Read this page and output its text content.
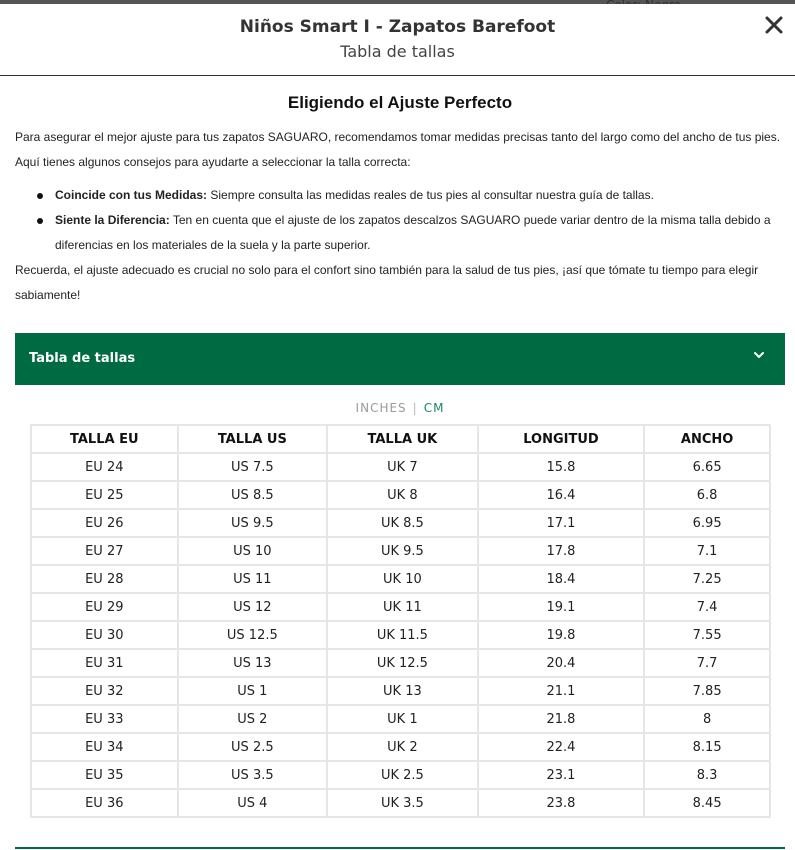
Niños Smart I - Zapatos Barefoot
Tabla de tallas
Eligiendo el Ajuste Perfecto

Para asegurar el mejor ajuste para tus zapatos SAGUARO, recomendamos tomar medidas precisas tanto del largo como del ancho de tus pies. Aquí tienes algunos consejos para ayudarte a seleccionar la talla correcta:

Coincide con tus Medidas: Siempre consulta las medidas reales de tus pies al consultar nuestra guía de tallas.
Siente la Diferencia: Ten en cuenta que el ajuste de los zapatos descalzos SAGUARO puede variar dentro de la misma talla debido a diferencias en los materiales de la suela y la parte superior.

Recuerda, el ajuste adecuado es crucial no solo para el confort sino también para la salud de tus pies, ¡así que tómate tu tiempo para elegir sabiamente!

Tabla de tallas
INCHES | CM
TALLA EU	TALLA US	TALLA UK	LONGITUD	ANCHO
EU 24	US 7.5	UK 7	15.8	6.65
EU 25	US 8.5	UK 8	16.4	6.8
EU 26	US 9.5	UK 8.5	17.1	6.95
EU 27	US 10	UK 9.5	17.8	7.1
EU 28	US 11	UK 10	18.4	7.25
EU 29	US 12	UK 11	19.1	7.4
EU 30	US 12.5	UK 11.5	19.8	7.55
EU 31	US 13	UK 12.5	20.4	7.7
EU 32	US 1	UK 13	21.1	7.85
EU 33	US 2	UK 1	21.8	8
EU 34	US 2.5	UK 2	22.4	8.15
EU 35	US 3.5	UK 2.5	23.1	8.3
EU 36	US 4	UK 3.5	23.8	8.45
